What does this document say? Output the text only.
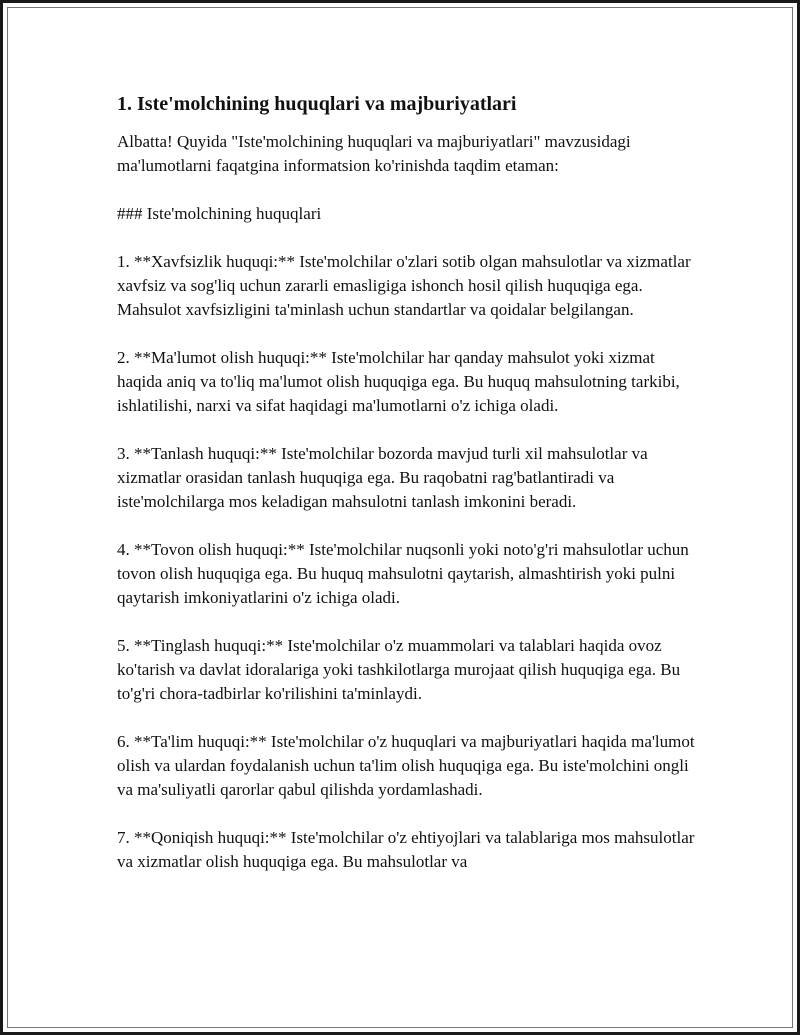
1. Iste'molchining huquqlari va majburiyatlari

Albatta! Quyida "Iste'molchining huquqlari va majburiyatlari" mavzusidagi ma'lumotlarni faqatgina informatsion ko'rinishda taqdim etaman:

### Iste'molchining huquqlari

1. **Xavfsizlik huquqi:** Iste'molchilar o'zlari sotib olgan mahsulotlar va xizmatlar xavfsiz va sog'liq uchun zararli emasligiga ishonch hosil qilish huquqiga ega. Mahsulot xavfsizligini ta'minlash uchun standartlar va qoidalar belgilangan.

2. **Ma'lumot olish huquqi:** Iste'molchilar har qanday mahsulot yoki xizmat haqida aniq va to'liq ma'lumot olish huquqiga ega. Bu huquq mahsulotning tarkibi, ishlatilishi, narxi va sifat haqidagi ma'lumotlarni o'z ichiga oladi.

3. **Tanlash huquqi:** Iste'molchilar bozorda mavjud turli xil mahsulotlar va xizmatlar orasidan tanlash huquqiga ega. Bu raqobatni rag'batlantiradi va iste'molchilarga mos keladigan mahsulotni tanlash imkonini beradi.

4. **Tovon olish huquqi:** Iste'molchilar nuqsonli yoki noto'g'ri mahsulotlar uchun tovon olish huquqiga ega. Bu huquq mahsulotni qaytarish, almashtirish yoki pulni qaytarish imkoniyatlarini o'z ichiga oladi.

5. **Tinglash huquqi:** Iste'molchilar o'z muammolari va talablari haqida ovoz ko'tarish va davlat idoralariga yoki tashkilotlarga murojaat qilish huquqiga ega. Bu to'g'ri chora-tadbirlar ko'rilishini ta'minlaydi.

6. **Ta'lim huquqi:** Iste'molchilar o'z huquqlari va majburiyatlari haqida ma'lumot olish va ulardan foydalanish uchun ta'lim olish huquqiga ega. Bu iste'molchini ongli va ma'suliyatli qarorlar qabul qilishda yordamlashadi.

7. **Qoniqish huquqi:** Iste'molchilar o'z ehtiyojlari va talablariga mos mahsulotlar va xizmatlar olish huquqiga ega. Bu mahsulotlar va
